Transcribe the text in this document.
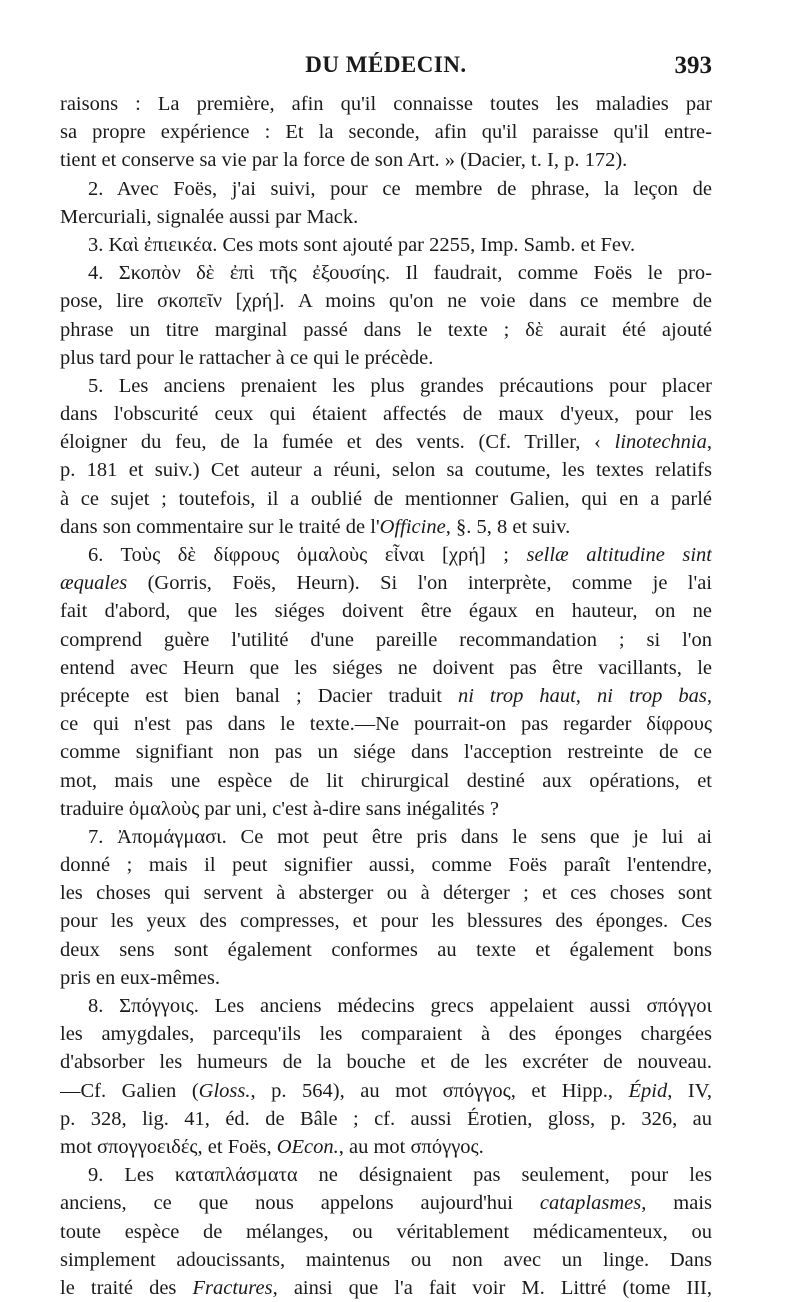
DU MÉDECIN.	393
raisons : La première, afin qu'il connaisse toutes les maladies par
sa propre expérience : Et la seconde, afin qu'il paraisse qu'il entre-
tient et conserve sa vie par la force de son Art. » (Dacier, t. I, p. 172).
2. Avec Foës, j'ai suivi, pour ce membre de phrase, la leçon de
Mercuriali, signalée aussi par Mack.
3. Καὶ ἐπιεικέα. Ces mots sont ajouté par 2255, Imp. Samb. et Fev.
4. Σκοπὸν δὲ ἐπὶ τῆς ἐξουσίης. Il faudrait, comme Foës le pro-
pose, lire σκοπεῖν [χρή]. A moins qu'on ne voie dans ce membre de
phrase un titre marginal passé dans le texte ; δὲ aurait été ajouté
plus tard pour le rattacher à ce qui le précède.
5. Les anciens prenaient les plus grandes précautions pour placer
dans l'obscurité ceux qui étaient affectés de maux d'yeux, pour les
éloigner du feu, de la fumée et des vents. (Cf. Triller, ‹ linotechnia,
p. 181 et suiv.) Cet auteur a réuni, selon sa coutume, les textes relatifs
à ce sujet ; toutefois, il a oublié de mentionner Galien, qui en a parlé
dans son commentaire sur le traité de l'Officine, §. 5, 8 et suiv.
6. Τοὺς δὲ δίφρους ὁμαλοὺς εἶναι [χρή] ; sellæ altitudine sint
æquales (Gorris, Foës, Heurn). Si l'on interprète, comme je l'ai
fait d'abord, que les siéges doivent être égaux en hauteur, on ne
comprend guère l'utilité d'une pareille recommandation ; si l'on
entend avec Heurn que les siéges ne doivent pas être vacillants, le
précepte est bien banal ; Dacier traduit ni trop haut, ni trop bas,
ce qui n'est pas dans le texte.—Ne pourrait-on pas regarder δίφρους
comme signifiant non pas un siége dans l'acception restreinte de ce
mot, mais une espèce de lit chirurgical destiné aux opérations, et
traduire ὁμαλοὺς par uni, c'est à-dire sans inégalités ?
7. Ἀπομάγμασι. Ce mot peut être pris dans le sens que je lui ai
donné ; mais il peut signifier aussi, comme Foës paraît l'entendre,
les choses qui servent à absterger ou à déterger ; et ces choses sont
pour les yeux des compresses, et pour les blessures des éponges. Ces
deux sens sont également conformes au texte et également bons
pris en eux-mêmes.
8. Σπόγγοις. Les anciens médecins grecs appelaient aussi σπόγγοι
les amygdales, parcequ'ils les comparaient à des éponges chargées
d'absorber les humeurs de la bouche et de les excréter de nouveau.
—Cf. Galien (Gloss., p. 564), au mot σπόγγος, et Hipp., Épid, IV,
p. 328, lig. 41, éd. de Bâle ; cf. aussi Érotien, gloss, p. 326, au
mot σπογγοειδές, et Foës, OEcon., au mot σπόγγος.
9. Les καταπλάσματα ne désignaient pas seulement, pour les
anciens, ce que nous appelons aujourd'hui cataplasmes, mais
toute espèce de mélanges, ou véritablement médicamenteux, ou
simplement adoucissants, maintenus ou non avec un linge. Dans
le traité des Fractures, ainsi que l'a fait voir M. Littré (tome III,
